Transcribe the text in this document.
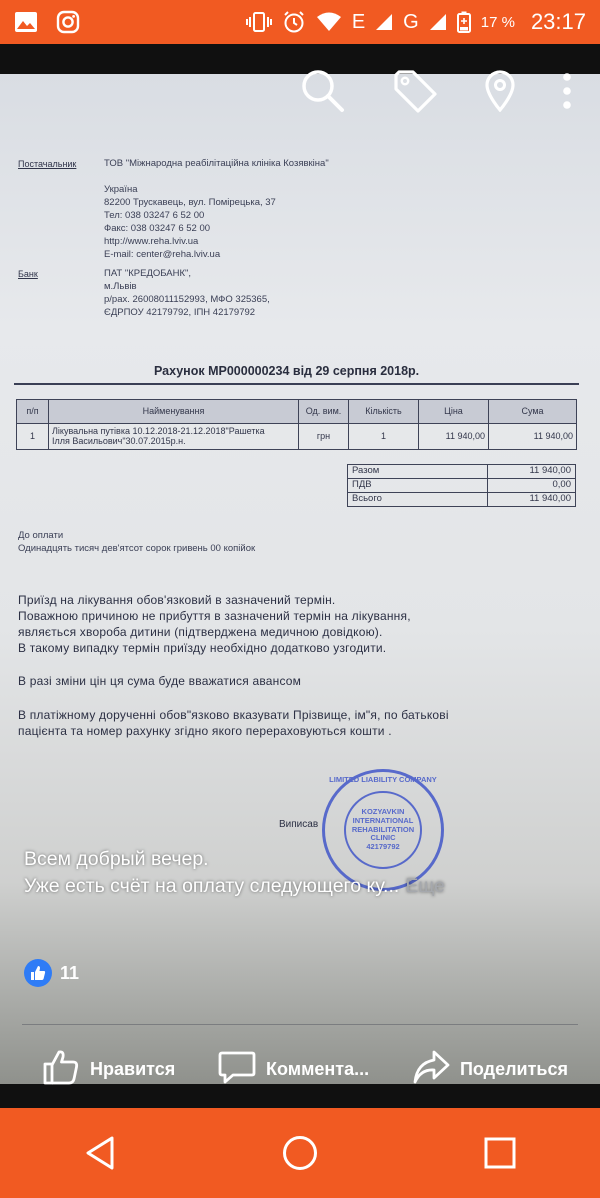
E G	17 % 23:17
Постачальник	ТОВ "Міжнародна реабілітаційна клініка Козявкіна"
Україна
82200 Трускавець, вул. Помірецька, 37
Тел: 038 03247 6 52 00
Факс: 038 03247 6 52 00
http://www.reha.lviv.ua
E-mail: center@reha.lviv.ua
Банк	ПАТ "КРЕДОБАНК",
м.Львів
р/рах. 26008011152993, МФО 325365,
ЄДРПОУ 42179792, ІПН 42179792
Рахунок МР000000234 від 29 серпня 2018р.
п/п	Найменування	Од. вим.	Кількість	Ціна	Сума
1	Лікувальна путівка 10.12.2018-21.12.2018"Рашетка
Ілля Васильович"30.07.2015р.н.	грн	1	11 940,00	11 940,00
Разом	11 940,00
ПДВ	0,00
Всього	11 940,00
До оплати
Одинадцять тисяч дев'ятсот сорок гривень 00 копійок
Приїзд на лікування обов'язковий в зазначений термін.
Поважною причиною не прибуття в зазначений термін на лікування,
являється хвороба дитини (підтверджена медичною довідкою).
В такому випадку термін приїзду необхідно додатково узгодити.
В разі зміни цін ця сума буде вважатися авансом
В платіжному дорученні обов"язково вказувати Прізвище, ім"я, по батькові
пацієнта та номер рахунку згідно якого перераховуються кошти .
Виписав
LIMITED LIABILITY COMPANY
KOZYAVKIN INTERNATIONAL REHABILITATION CLINIC
42179792
Всем добрый вечер.
Уже есть счёт на оплату следующего ку... Еще
11
Нравится	Коммента...	Поделиться
